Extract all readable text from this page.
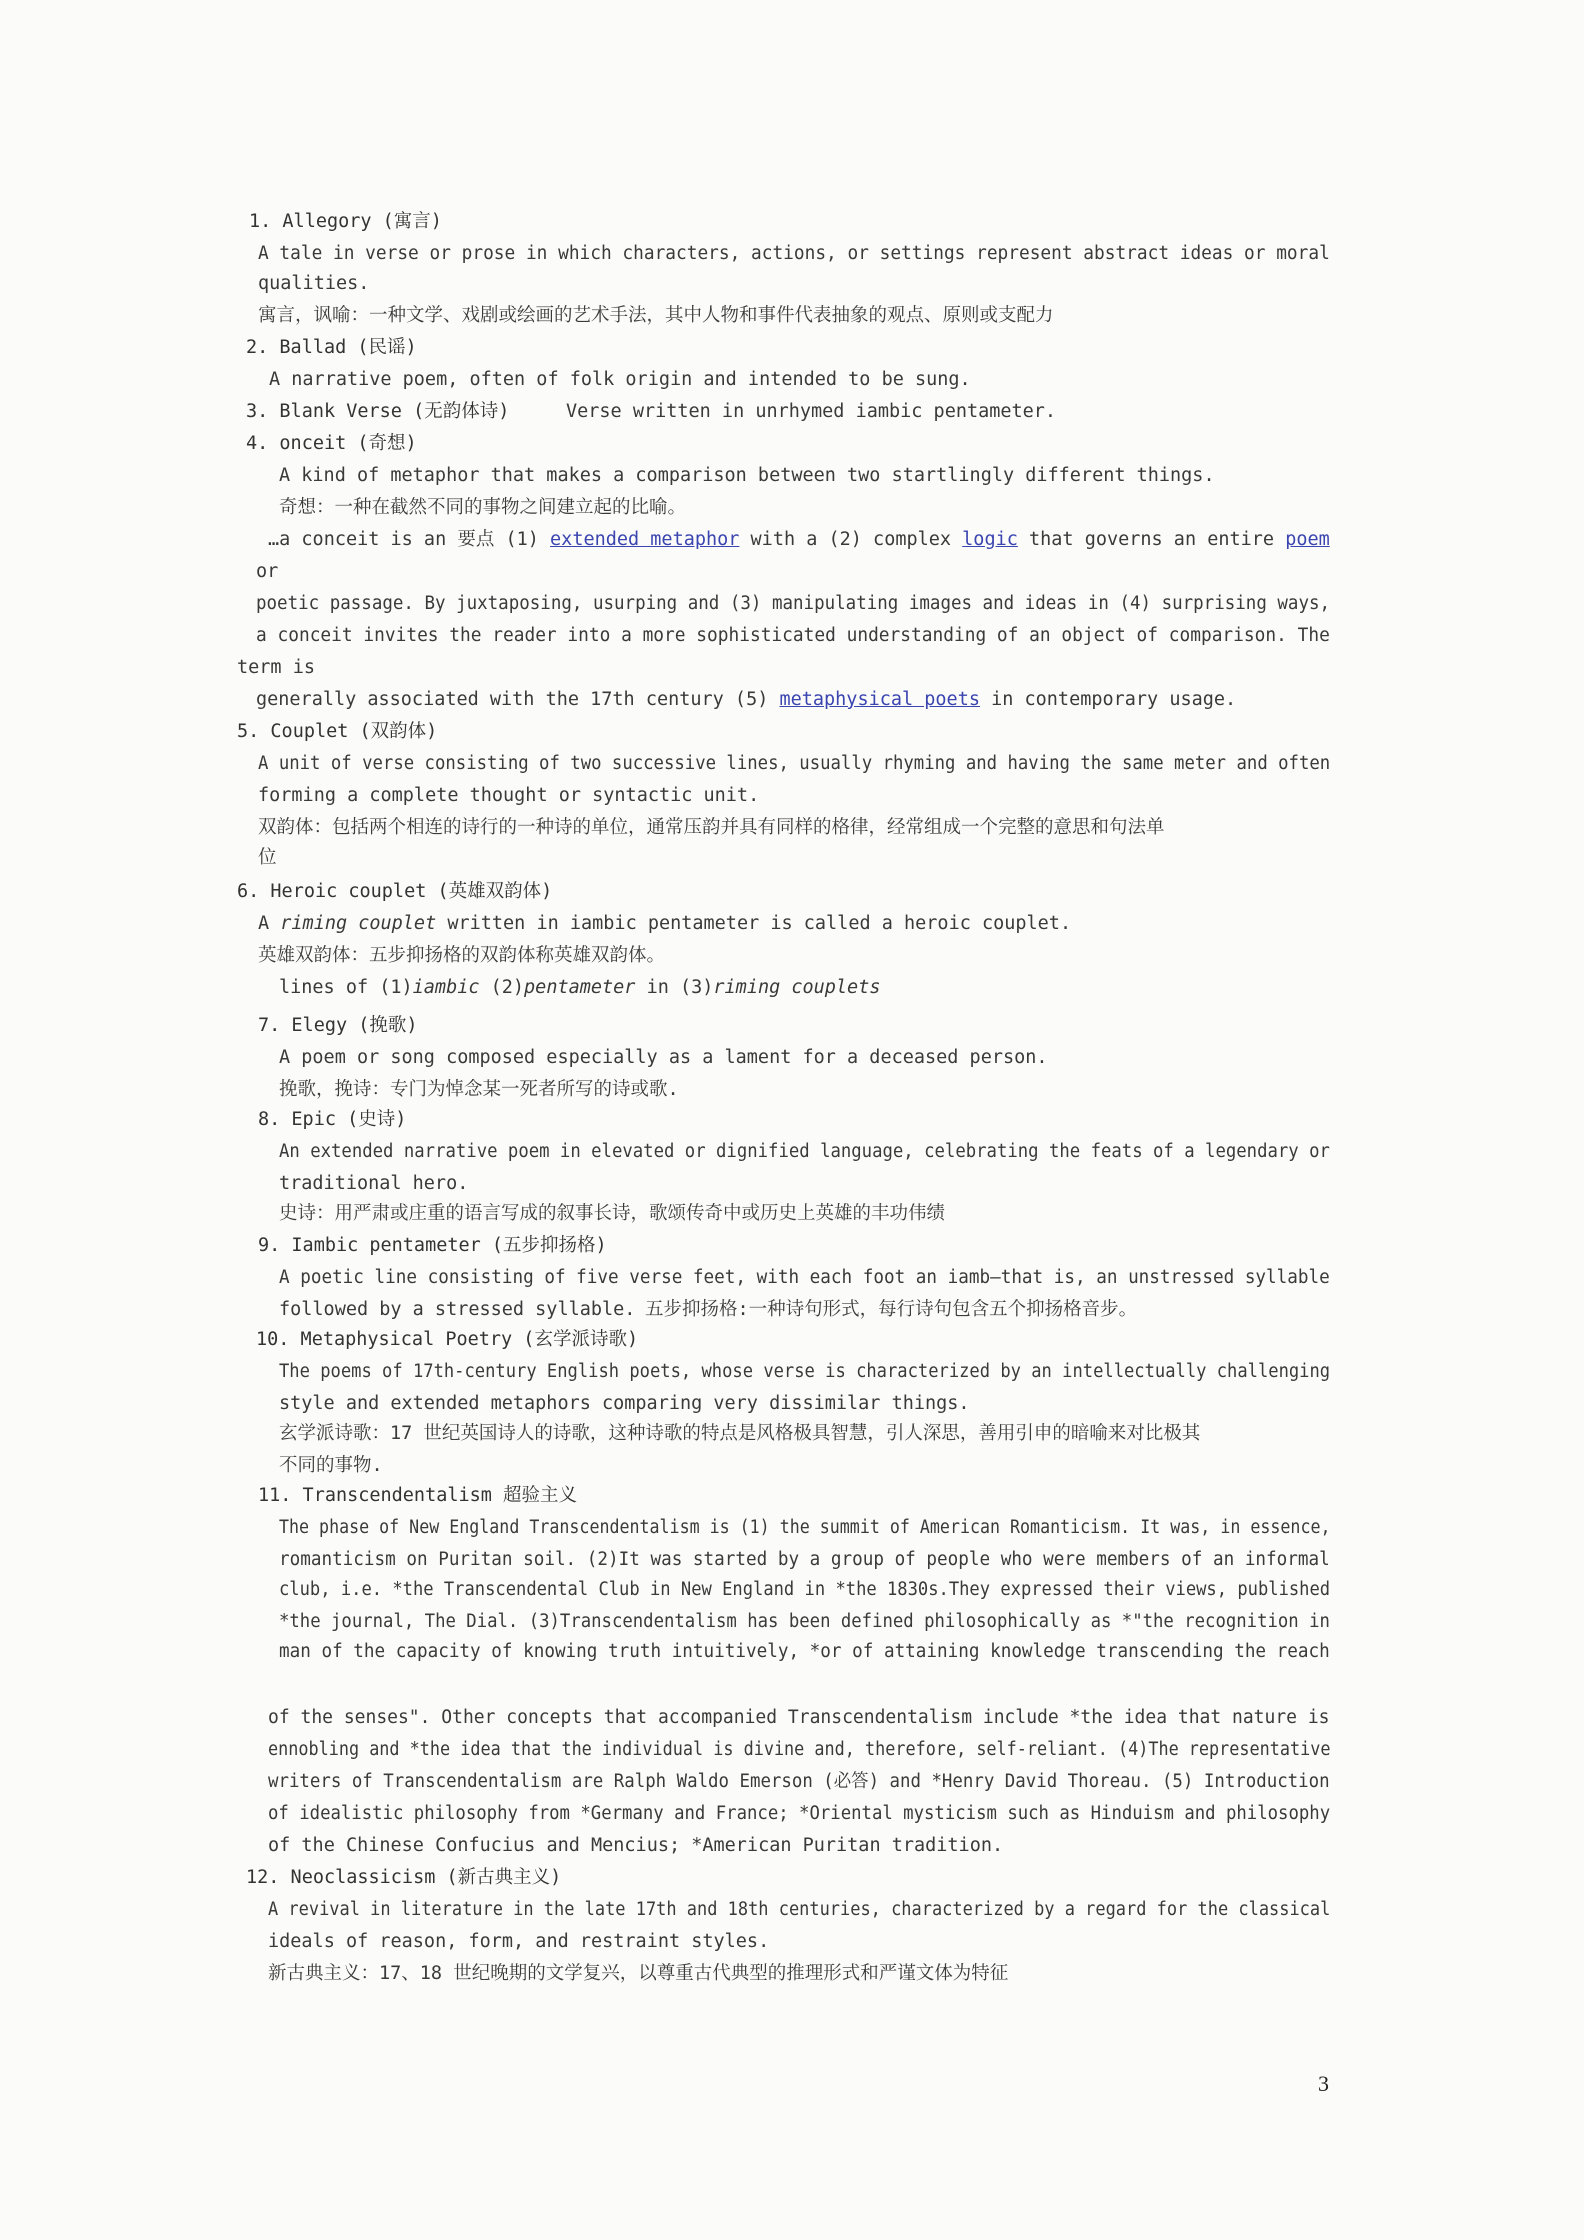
1. Allegory (寓言)
A tale in verse or prose in which characters, actions, or settings represent abstract ideas or moral
qualities.
寓言，讽喻：一种文学、戏剧或绘画的艺术手法，其中人物和事件代表抽象的观点、原则或支配力
2. Ballad (民谣)
A narrative poem, often of folk origin and intended to be sung.
3. Blank Verse (无韵体诗)	Verse written in unrhymed iambic pentameter.
4. onceit (奇想)
A kind of metaphor that makes a comparison between two startlingly different things.
奇想：一种在截然不同的事物之间建立起的比喻。
…a conceit is an 要点 (1) extended metaphor with a (2) complex logic that governs an entire poem
or
poetic passage. By juxtaposing, usurping and (3) manipulating images and ideas in (4) surprising ways,
a conceit invites the reader into a more sophisticated understanding of an object of comparison. The
term is
generally associated with the 17th century (5) metaphysical poets in contemporary usage.
5. Couplet (双韵体)
A unit of verse consisting of two successive lines, usually rhyming and having the same meter and often
forming a complete thought or syntactic unit.
双韵体：包括两个相连的诗行的一种诗的单位，通常压韵并具有同样的格律，经常组成一个完整的意思和句法单
位
6. Heroic couplet (英雄双韵体)
A riming couplet written in iambic pentameter is called a heroic couplet.
英雄双韵体：五步抑扬格的双韵体称英雄双韵体。
lines of (1)iambic (2)pentameter in (3)riming couplets
7. Elegy (挽歌)
A poem or song composed especially as a lament for a deceased person.
挽歌，挽诗：专门为悼念某一死者所写的诗或歌.
8. Epic (史诗)
An extended narrative poem in elevated or dignified language, celebrating the feats of a legendary or
traditional hero.
史诗：用严肃或庄重的语言写成的叙事长诗，歌颂传奇中或历史上英雄的丰功伟绩
9. Iambic pentameter (五步抑扬格)
A poetic line consisting of five verse feet, with each foot an iamb—that is, an unstressed syllable
followed by a stressed syllable. 五步抑扬格:一种诗句形式，每行诗句包含五个抑扬格音步。
10. Metaphysical Poetry (玄学派诗歌)
The poems of 17th-century English poets, whose verse is characterized by an intellectually challenging
style and extended metaphors comparing very dissimilar things.
玄学派诗歌：17 世纪英国诗人的诗歌，这种诗歌的特点是风格极具智慧，引人深思，善用引申的暗喻来对比极其
不同的事物.
11. Transcendentalism 超验主义
The phase of New England Transcendentalism is (1) the summit of American Romanticism. It was, in essence,
romanticism on Puritan soil. (2)It was started by a group of people who were members of an informal
club, i.e. *the Transcendental Club in New England in *the 1830s.They expressed their views, published
*the journal, The Dial. (3)Transcendentalism has been defined philosophically as *"the recognition in
man of the capacity of knowing truth intuitively, *or of attaining knowledge transcending the reach
of the senses". Other concepts that accompanied Transcendentalism include *the idea that nature is
ennobling and *the idea that the individual is divine and, therefore, self-reliant. (4)The representative
writers of Transcendentalism are Ralph Waldo Emerson (必答) and *Henry David Thoreau. (5) Introduction
of idealistic philosophy from *Germany and France; *Oriental mysticism such as Hinduism and philosophy
of the Chinese Confucius and Mencius; *American Puritan tradition.
12. Neoclassicism (新古典主义)
A revival in literature in the late 17th and 18th centuries, characterized by a regard for the classical
ideals of reason, form, and restraint styles.
新古典主义：17、18 世纪晚期的文学复兴，以尊重古代典型的推理形式和严谨文体为特征
3
